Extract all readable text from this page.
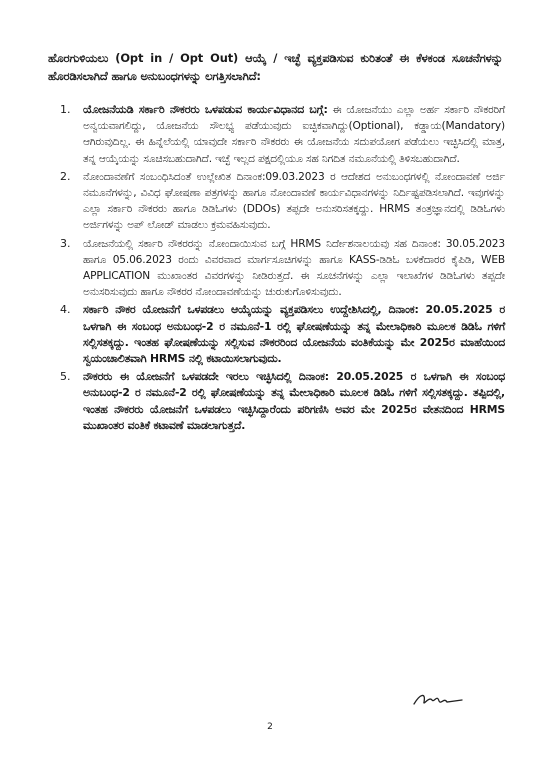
ಹೊರಗುಳಿಯಲು (Opt in / Opt Out) ಆಯ್ಕೆ / ಇಚ್ಛೆ ವ್ಯಕ್ತಪಡಿಸುವ ಕುರಿತಂತೆ ಈ ಕೆಳಕಂಡ ಸೂಚನೆಗಳನ್ನು ಹೊರಡಿಸಲಾಗಿದೆ ಹಾಗೂ ಅನುಬಂಧಗಳನ್ನು ಲಗತ್ತಿಸಲಾಗಿದೆ:

1.	ಯೋಜನೆಯಡಿ ಸರ್ಕಾರಿ ನೌಕರರು ಒಳಪಡುವ ಕಾರ್ಯವಿಧಾನದ ಬಗ್ಗೆ: ಈ ಯೋಜನೆಯು ಎಲ್ಲಾ ಅರ್ಹ ಸರ್ಕಾರಿ ನೌಕರರಿಗೆ ಅನ್ವಯವಾಗಲಿದ್ದು, ಯೋಜನೆಯ ಸೌಲಭ್ಯ ಪಡೆಯುವುದು ಐಚ್ಛಿಕವಾಗಿದ್ದು(Optional), ಕಡ್ಡಾಯ(Mandatory) ಆಗಿರುವುದಿಲ್ಲ. ಈ ಹಿನ್ನೆಲೆಯಲ್ಲಿ ಯಾವುದೇ ಸರ್ಕಾರಿ ನೌಕರರು ಈ ಯೋಜನೆಯ ಸದುಪಯೋಗ ಪಡೆಯಲು ಇಚ್ಛಿಸಿದಲ್ಲಿ ಮಾತ್ರ, ತನ್ನ ಆಯ್ಕೆಯನ್ನು ಸೂಚಿಸಬಹುದಾಗಿದೆ. ಇಚ್ಛೆ ಇಲ್ಲದ ಪಕ್ಷದಲ್ಲಿಯೂ ಸಹ ನಿಗದಿತ ನಮೂನೆಯಲ್ಲಿ ತಿಳಿಸಬಹುದಾಗಿದೆ.
2.	ನೋಂದಾವಣೆಗೆ ಸಂಬಂಧಿಸಿದಂತೆ ಉಲ್ಲೇಖಿತ ದಿನಾಂಕ:09.03.2023 ರ ಆದೇಶದ ಅನುಬಂಧಗಳಲ್ಲಿ ನೋಂದಾವಣೆ ಅರ್ಜಿ ನಮೂನೆಗಳನ್ನು, ವಿವಿಧ ಘೋಷಣಾ ಪತ್ರಗಳನ್ನು ಹಾಗೂ ನೋಂದಾವಣೆ ಕಾರ್ಯವಿಧಾನಗಳನ್ನು ನಿರ್ದಿಷ್ಟಪಡಿಸಲಾಗಿದೆ. ಇವುಗಳನ್ನು ಎಲ್ಲಾ ಸರ್ಕಾರಿ ನೌಕರರು ಹಾಗೂ ಡಿಡಿಓಗಳು (DDOs) ತಪ್ಪದೇ ಅನುಸರಿಸತಕ್ಕದ್ದು. HRMS ತಂತ್ರಜ್ಞಾನದಲ್ಲಿ ಡಿಡಿಓಗಳು ಅರ್ಜಿಗಳನ್ನು ಅಪ್ ಲೋಡ್ ಮಾಡಲು ಕ್ರಮವಹಿಸುವುದು.
3.	ಯೋಜನೆಯಲ್ಲಿ ಸರ್ಕಾರಿ ನೌಕರರನ್ನು ನೋಂದಾಯಿಸುವ ಬಗ್ಗೆ HRMS ನಿರ್ದೇಶನಾಲಯವು ಸಹ ದಿನಾಂಕ: 30.05.2023 ಹಾಗೂ 05.06.2023 ರಂದು ವಿವರವಾದ ಮಾರ್ಗಸೂಚಿಗಳನ್ನು ಹಾಗೂ KASS-ಡಿಡಿಓ ಬಳಕೆದಾರರ ಕೈಪಿಡಿ, WEB APPLICATION ಮುಖಾಂತರ ವಿವರಗಳನ್ನು ನೀಡಿರುತ್ತದೆ. ಈ ಸೂಚನೆಗಳನ್ನು ಎಲ್ಲಾ ಇಲಾಖೆಗಳ ಡಿಡಿಓಗಳು ತಪ್ಪದೇ ಅನುಸರಿಸುವುದು ಹಾಗೂ ನೌಕರರ ನೋಂದಾವಣೆಯನ್ನು ಚುರುಕುಗೊಳಿಸುವುದು.
4.	ಸರ್ಕಾರಿ ನೌಕರ ಯೋಜನೆಗೆ ಒಳಪಡಲು ಆಯ್ಕೆಯನ್ನು ವ್ಯಕ್ತಪಡಿಸಲು ಉದ್ದೇಶಿಸಿದಲ್ಲಿ, ದಿನಾಂಕ: 20.05.2025 ರ ಒಳಗಾಗಿ ಈ ಸಂಬಂಧ ಅನುಬಂಧ-2 ರ ನಮೂನೆ-1 ರಲ್ಲಿ ಘೋಷಣೆಯನ್ನು ತನ್ನ ಮೇಲಾಧಿಕಾರಿ ಮೂಲಕ ಡಿಡಿಓ ಗಳಿಗೆ ಸಲ್ಲಿಸತಕ್ಕದ್ದು. ಇಂತಹ ಘೋಷಣೆಯನ್ನು ಸಲ್ಲಿಸುವ ನೌಕರರಿಂದ ಯೋಜನೆಯ ವಂತಿಕೆಯನ್ನು ಮೇ 2025ರ ಮಾಹೆಯಿಂದ ಸ್ವಯಂಚಾಲಿತವಾಗಿ HRMS ನಲ್ಲಿ ಕಟಾಯಿಸಲಾಗುವುದು.
5.	ನೌಕರರು ಈ ಯೋಜನೆಗೆ ಒಳಪಡದೇ ಇರಲು ಇಚ್ಛಿಸಿದಲ್ಲಿ ದಿನಾಂಕ: 20.05.2025 ರ ಒಳಗಾಗಿ ಈ ಸಂಬಂಧ ಅನುಬಂಧ-2 ರ ನಮೂನೆ-2 ರಲ್ಲಿ ಘೋಷಣೆಯನ್ನು ತನ್ನ ಮೇಲಾಧಿಕಾರಿ ಮೂಲಕ ಡಿಡಿಓ ಗಳಿಗೆ ಸಲ್ಲಿಸತಕ್ಕದ್ದು. ತಪ್ಪಿದಲ್ಲಿ, ಇಂತಹ ನೌಕರರು ಯೋಜನೆಗೆ ಒಳಪಡಲು ಇಚ್ಛಿಸಿದ್ದಾರೆಂದು ಪರಿಗಣಿಸಿ ಅವರ ಮೇ 2025ರ ವೇತನದಿಂದ HRMS ಮುಖಾಂತರ ವಂತಿಕೆ ಕಟಾವಣೆ ಮಾಡಲಾಗುತ್ತದೆ.
2
